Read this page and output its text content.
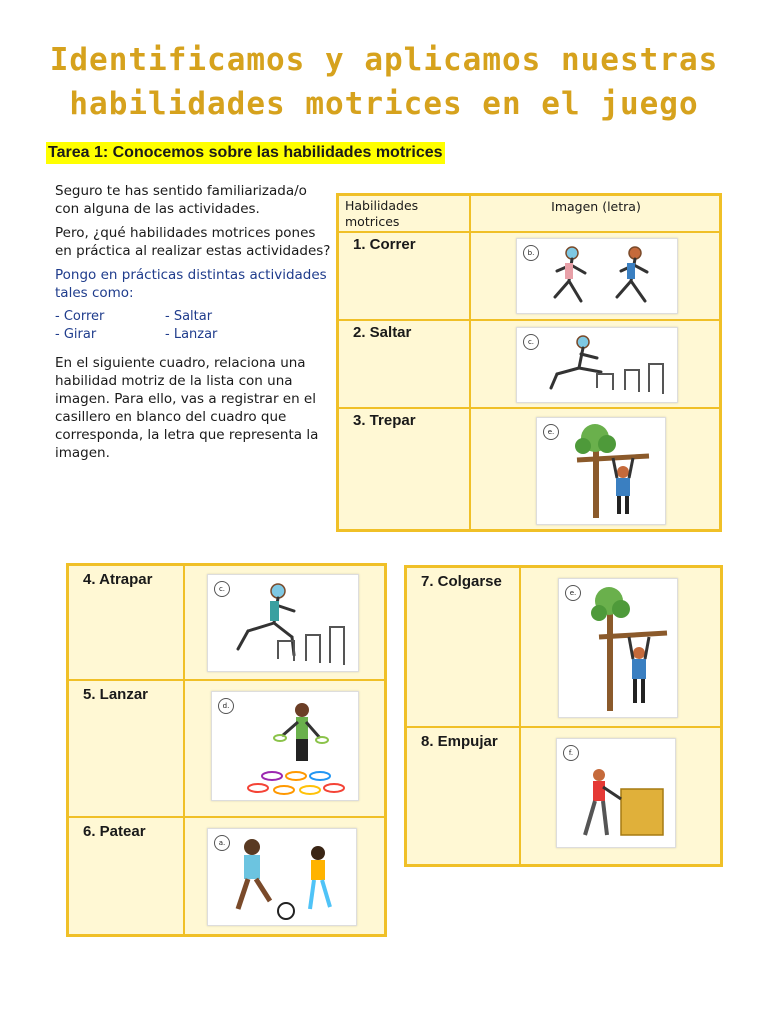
Identificamos y aplicamos nuestras
habilidades motrices en el juego
Tarea 1: Conocemos sobre las habilidades motrices

Seguro te has sentido familiarizada/o con alguna de las actividades.

Pero, ¿qué habilidades motrices pones en práctica al realizar estas actividades?

Pongo en prácticas distintas actividades tales como:

- Correr	- Saltar
- Girar	- Lanzar

En el siguiente cuadro, relaciona una habilidad motriz de la lista con una imagen. Para ello, vas a registrar en el casillero en blanco del cuadro que corresponda, la letra que representa la imagen.

Habilidades motrices
Imagen (letra)
1. Correr	b.
2. Saltar
c.
3. Trepar
e.
4. Atrapar
c.
5. Lanzar
d.
6. Patear
a.
7. Colgarse
e.
8. Empujar
f.
